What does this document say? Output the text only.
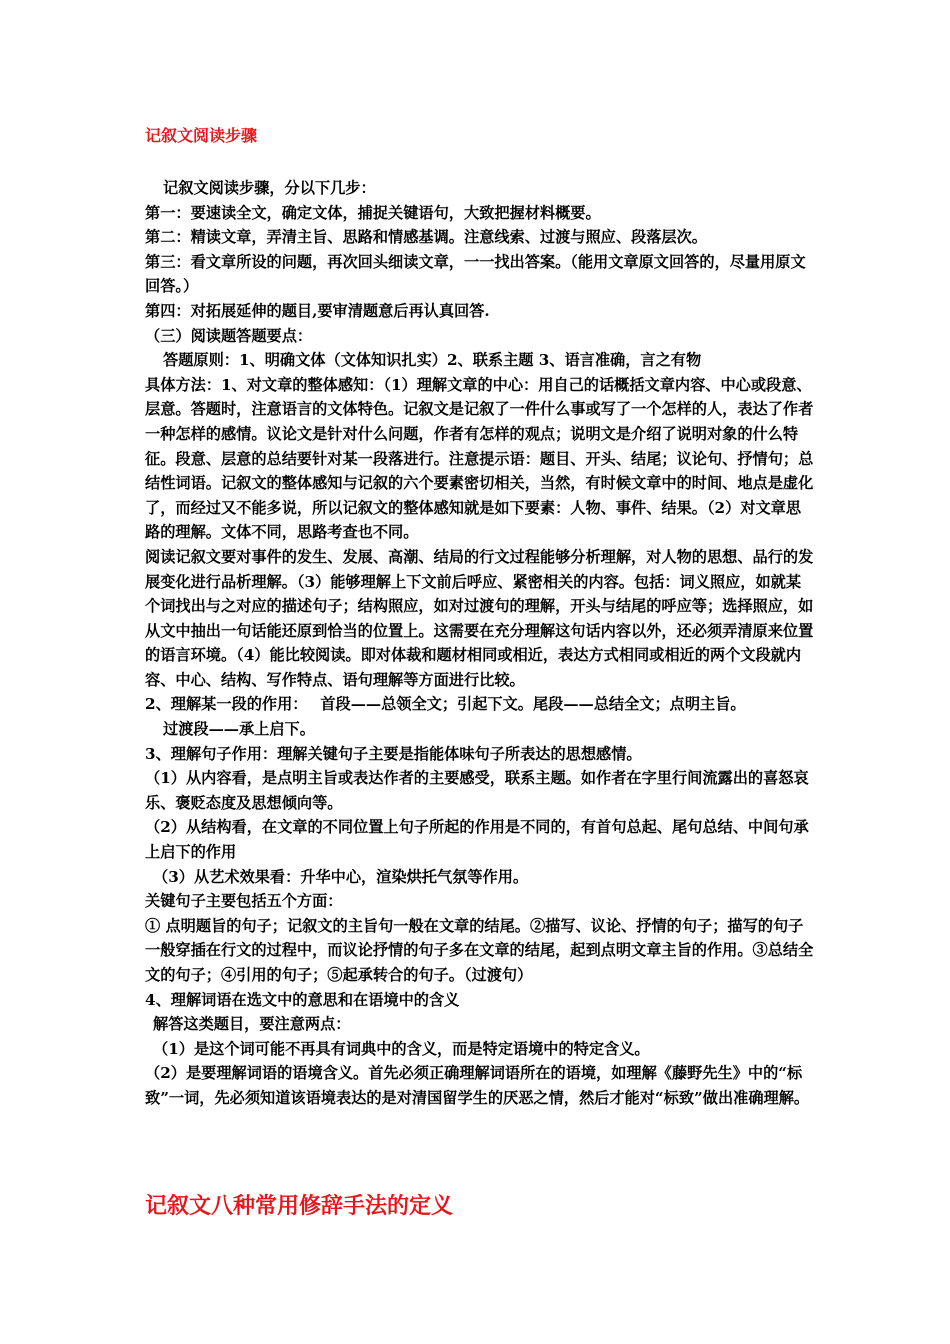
记叙文阅读步骤

记叙文阅读步骤，分以下几步：

第一：要速读全文，确定文体，捕捉关键语句，大致把握材料概要。

第二：精读文章，弄清主旨、思路和情感基调。注意线索、过渡与照应、段落层次。

第三：看文章所设的问题，再次回头细读文章，一一找出答案。（能用文章原文回答的，尽量用原文回答。）

第四：对拓展延伸的题目,要审清题意后再认真回答.

（三）阅读题答题要点：

答题原则：1、明确文体（文体知识扎实）2、联系主题 3、语言准确，言之有物

具体方法：1、对文章的整体感知：（1）理解文章的中心：用自己的话概括文章内容、中心或段意、层意。答题时，注意语言的文体特色。记叙文是记叙了一件什么事或写了一个怎样的人，表达了作者一种怎样的感情。议论文是针对什么问题，作者有怎样的观点；说明文是介绍了说明对象的什么特征。段意、层意的总结要针对某一段落进行。注意提示语：题目、开头、结尾；议论句、抒情句；总结性词语。记叙文的整体感知与记叙的六个要素密切相关，当然，有时候文章中的时间、地点是虚化了，而经过又不能多说，所以记叙文的整体感知就是如下要素：人物、事件、结果。（2）对文章思路的理解。文体不同，思路考查也不同。

阅读记叙文要对事件的发生、发展、高潮、结局的行文过程能够分析理解，对人物的思想、品行的发展变化进行品析理解。（3）能够理解上下文前后呼应、紧密相关的内容。包括：词义照应，如就某个词找出与之对应的描述句子；结构照应，如对过渡句的理解，开头与结尾的呼应等；选择照应，如从文中抽出一句话能还原到恰当的位置上。这需要在充分理解这句话内容以外，还必须弄清原来位置的语言环境。（4）能比较阅读。即对体裁和题材相同或相近，表达方式相同或相近的两个文段就内容、中心、结构、写作特点、语句理解等方面进行比较。

2、理解某一段的作用：　 首段——总领全文；引起下文。尾段——总结全文；点明主旨。

过渡段——承上启下。

3、理解句子作用：理解关键句子主要是指能体味句子所表达的思想感情。

（1）从内容看，是点明主旨或表达作者的主要感受，联系主题。如作者在字里行间流露出的喜怒哀乐、褒贬态度及思想倾向等。

（2）从结构看，在文章的不同位置上句子所起的作用是不同的，有首句总起、尾句总结、中间句承上启下的作用

（3）从艺术效果看：升华中心，渲染烘托气氛等作用。

关键句子主要包括五个方面：

① 点明题旨的句子；记叙文的主旨句一般在文章的结尾。②描写、议论、抒情的句子；描写的句子一般穿插在行文的过程中，而议论抒情的句子多在文章的结尾，起到点明文章主旨的作用。③总结全文的句子；④引用的句子；⑤起承转合的句子。（过渡句）

4、理解词语在选文中的意思和在语境中的含义

解答这类题目，要注意两点：

（1）是这个词可能不再具有词典中的含义，而是特定语境中的特定含义。

（2）是要理解词语的语境含义。首先必须正确理解词语所在的语境，如理解《藤野先生》中的“标致”一词，先必须知道该语境表达的是对清国留学生的厌恶之情，然后才能对“标致”做出准确理解。

记叙文八种常用修辞手法的定义
